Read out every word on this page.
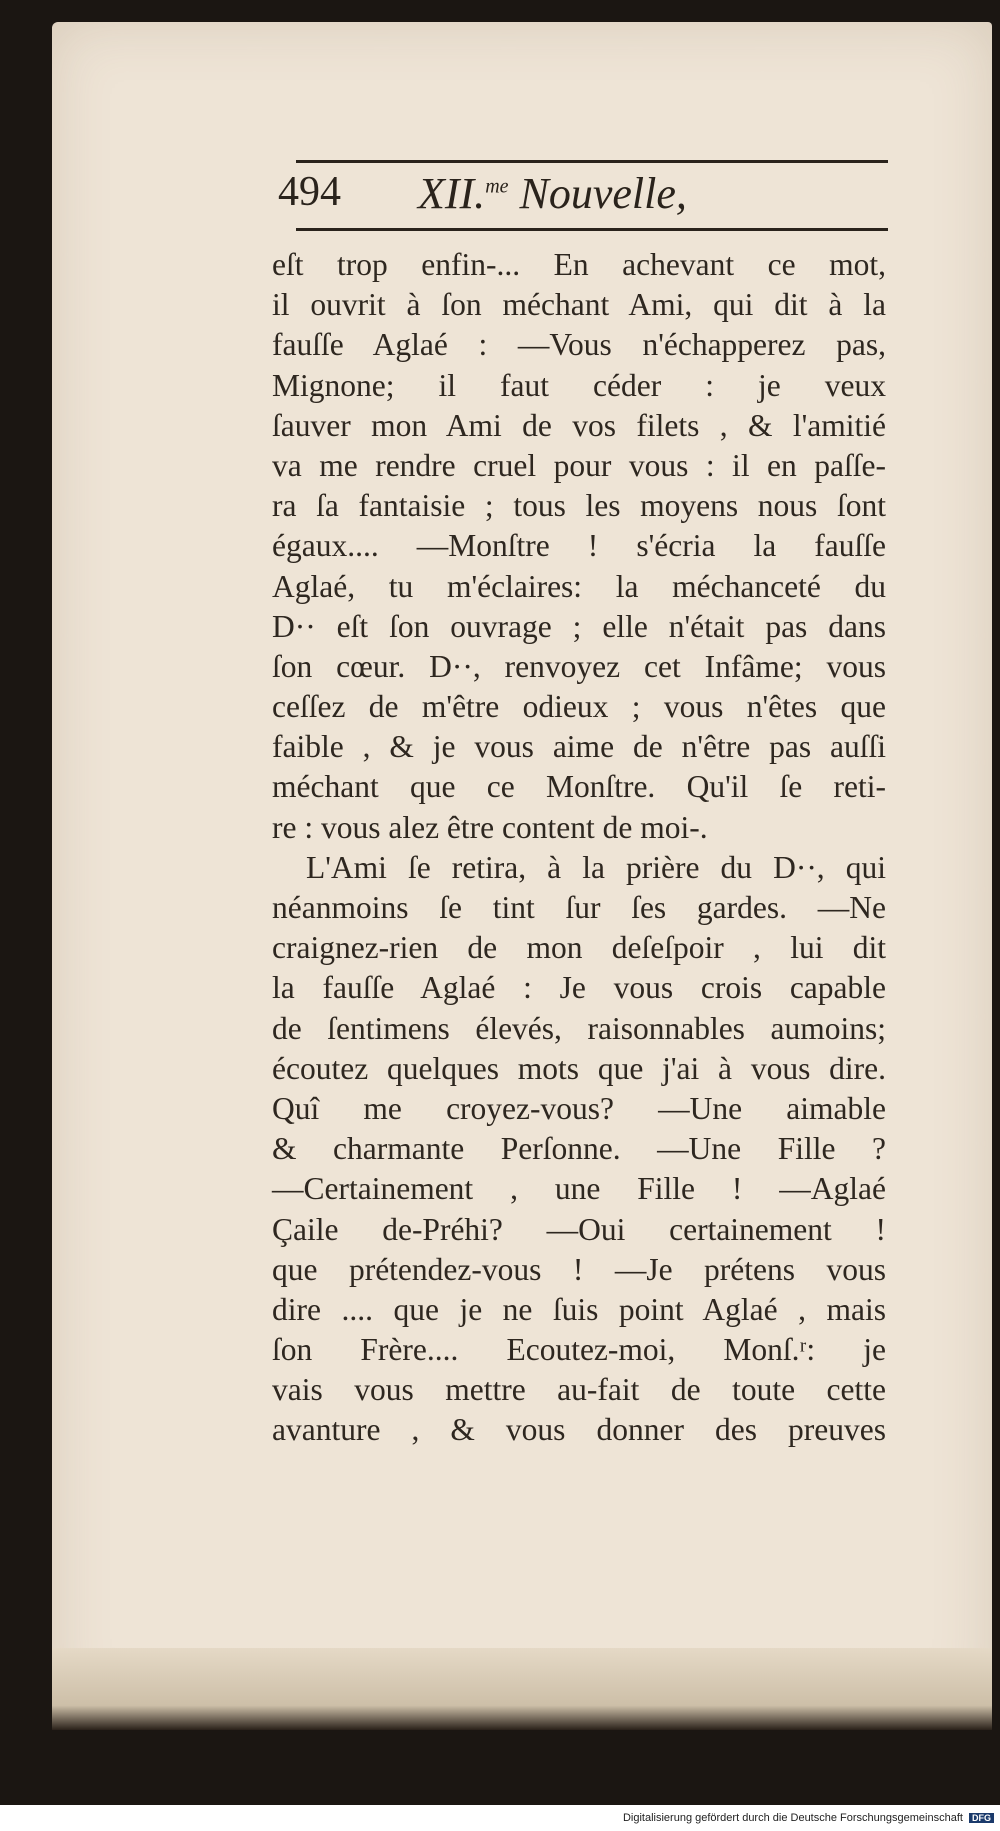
494 XII.$^{me}$ Nouvelle,
eſt trop enfin-... En achevant ce mot,
il ouvrit à ſon méchant Ami, qui dit à la
fauſſe Aglaé : —Vous n'échapperez pas,
Mignone; il faut céder : je veux
ſauver mon Ami de vos filets , & l'amitié
va me rendre cruel pour vous : il en paſſe-
ra ſa fantaisie ; tous les moyens nous ſont
égaux.... —Monſtre ! s'écria la fauſſe
Aglaé, tu m'éclaires: la méchanceté du
D·· eſt ſon ouvrage ; elle n'était pas dans
ſon cœur. D··, renvoyez cet Infâme; vous
ceſſez de m'être odieux ; vous n'êtes que
faible , & je vous aime de n'être pas auſſi
méchant que ce Monſtre. Qu'il ſe reti-
re : vous alez être content de moi-.
L'Ami ſe retira, à la prière du D··, qui
néanmoins ſe tint ſur ſes gardes. —Ne
craignez-rien de mon deſeſpoir , lui dit
la fauſſe Aglaé : Je vous crois capable
de ſentimens élevés, raisonnables aumoins;
écoutez quelques mots que j'ai à vous dire.
Quî me croyez-vous? —Une aimable
& charmante Perſonne. —Une Fille ?
—Certainement , une Fille ! —Aglaé
Çaile de-Préhi? —Oui certainement !
que prétendez-vous ! —Je prétens vous
dire .... que je ne ſuis point Aglaé , mais
ſon Frère.... Ecoutez-moi, Monſ.ʳ: je
vais vous mettre au-fait de toute cette
avanture , & vous donner des preuves
Digitalisierung gefördert durch die Deutsche Forschungsgemeinschaft DFG
